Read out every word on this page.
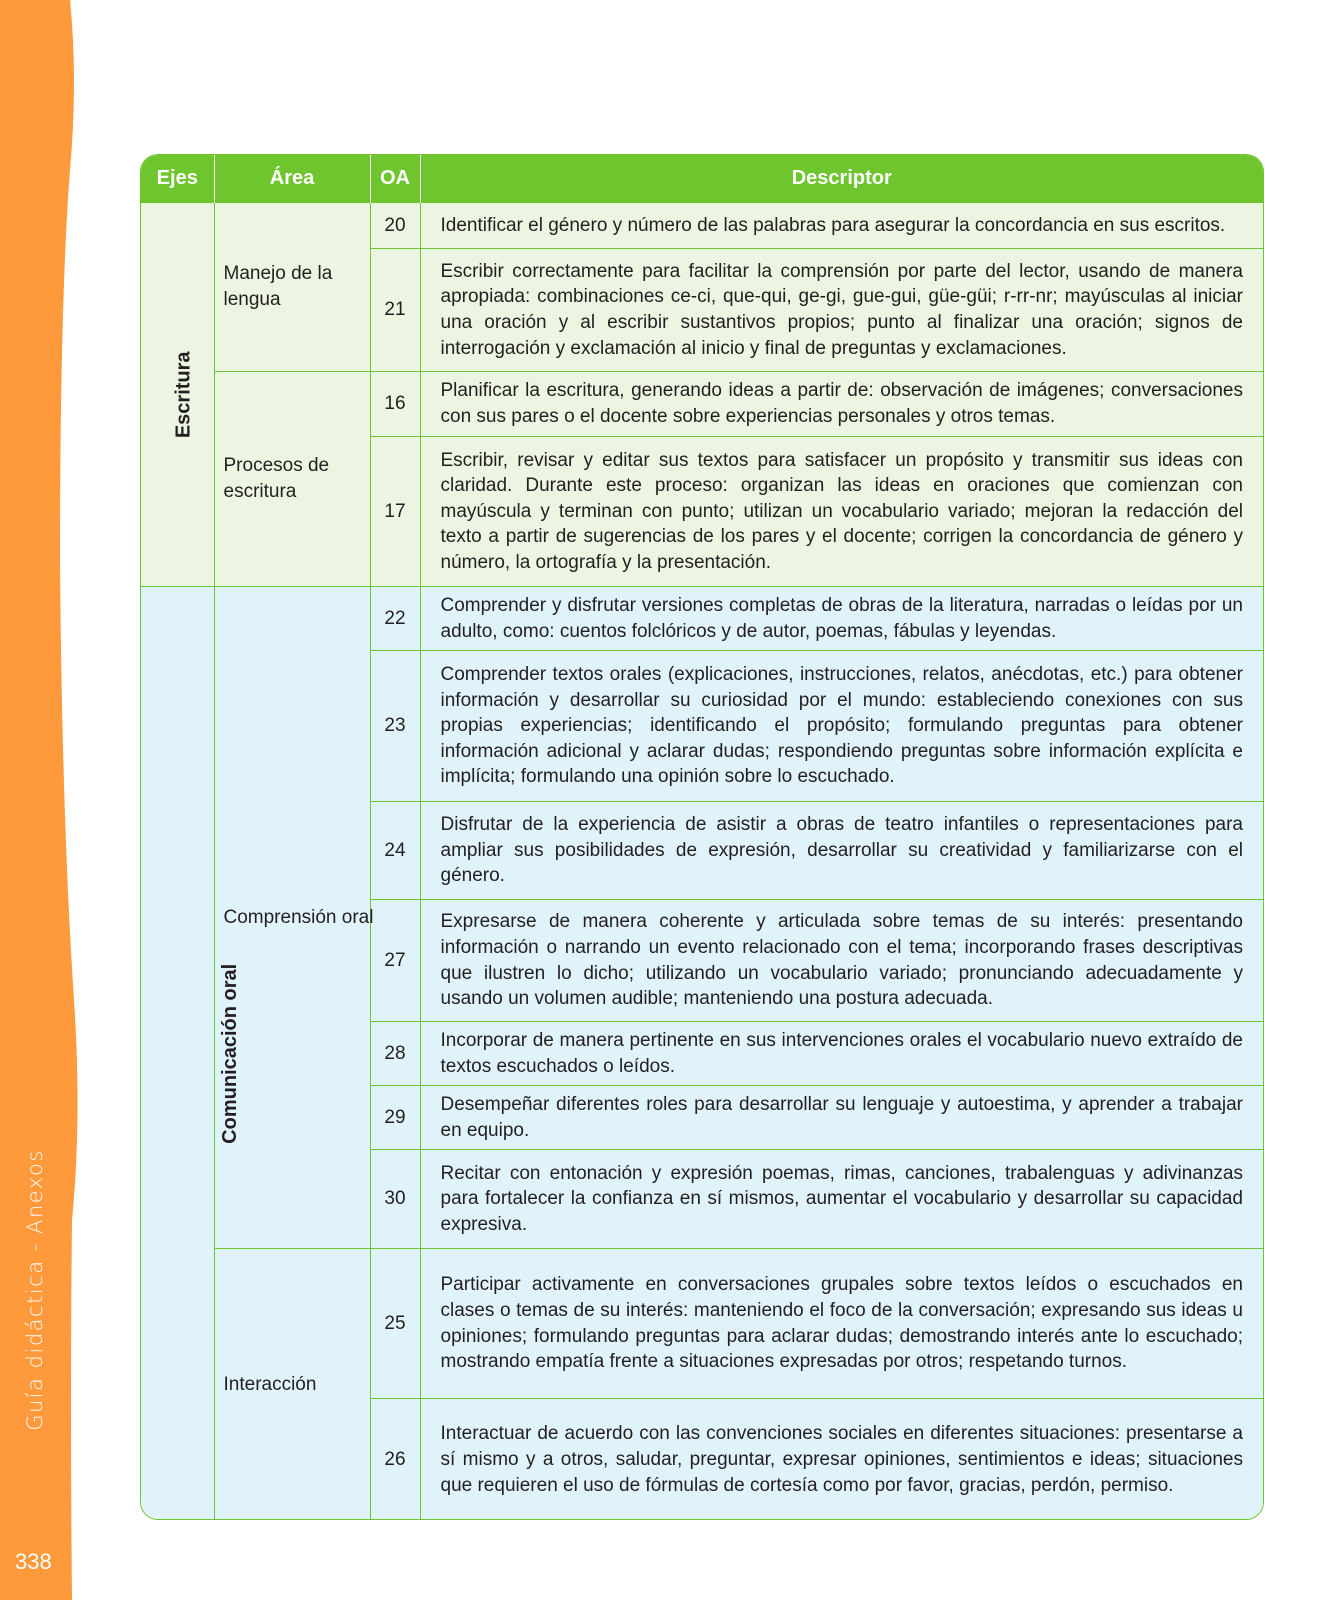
Guía didáctica - Anexos
338
Ejes	Área	OA	Descriptor
Escritura	Manejo de la lengua	20	Identificar el género y número de las palabras para asegurar la concordancia en sus escritos.
		21	Escribir correctamente para facilitar la comprensión por parte del lector, usando de manera apropiada: combinaciones ce-ci, que-qui, ge-gi, gue-gui, güe-güi; r-rr-nr; mayúsculas al iniciar una oración y al escribir sustantivos propios; punto al finalizar una oración; signos de interrogación y exclamación al inicio y final de preguntas y exclamaciones.

	Procesos de escritura	16	Planificar la escritura, generando ideas a partir de: observación de imágenes; conversaciones con sus pares o el docente sobre experiencias personales y otros temas.
		17	Escribir, revisar y editar sus textos para satisfacer un propósito y transmitir sus ideas con claridad. Durante este proceso: organizan las ideas en oraciones que comienzan con mayúscula y terminan con punto; utilizan un vocabulario variado; mejoran la redacción del texto a partir de sugerencias de los pares y el docente; corrigen la concordancia de género y número, la ortografía y la presentación.
Comunicación oral	Comprensión oral	22	Comprender y disfrutar versiones completas de obras de la literatura, narradas o leídas por un adulto, como: cuentos folclóricos y de autor, poemas, fábulas y leyendas.
		23	Comprender textos orales (explicaciones, instrucciones, relatos, anécdotas, etc.) para obtener información y desarrollar su curiosidad por el mundo: estableciendo conexiones con sus propias experiencias; identificando el propósito; formulando preguntas para obtener información adicional y aclarar dudas; respondiendo preguntas sobre información explícita e implícita; formulando una opinión sobre lo escuchado.
		24	Disfrutar de la experiencia de asistir a obras de teatro infantiles o representaciones para ampliar sus posibilidades de expresión, desarrollar su creatividad y familiarizarse con el género.
		27	Expresarse de manera coherente y articulada sobre temas de su interés: presentando información o narrando un evento relacionado con el tema; incorporando frases descriptivas que ilustren lo dicho; utilizando un vocabulario variado; pronunciando adecuadamente y usando un volumen audible; manteniendo una postura adecuada.
		28	Incorporar de manera pertinente en sus intervenciones orales el vocabulario nuevo extraído de textos escuchados o leídos.
		29	Desempeñar diferentes roles para desarrollar su lenguaje y autoestima, y aprender a trabajar en equipo.
		30	Recitar con entonación y expresión poemas, rimas, canciones, trabalenguas y adivinanzas para fortalecer la confianza en sí mismos, aumentar el vocabulario y desarrollar su capacidad expresiva.

	Interacción	25	Participar activamente en conversaciones grupales sobre textos leídos o escuchados en clases o temas de su interés: manteniendo el foco de la conversación; expresando sus ideas u opiniones; formulando preguntas para aclarar dudas; demostrando interés ante lo escuchado; mostrando empatía frente a situaciones expresadas por otros; respetando turnos.
		26	Interactuar de acuerdo con las convenciones sociales en diferentes situaciones: presentarse a sí mismo y a otros, saludar, preguntar, expresar opiniones, sentimientos e ideas; situaciones que requieren el uso de fórmulas de cortesía como por favor, gracias, perdón, permiso.
